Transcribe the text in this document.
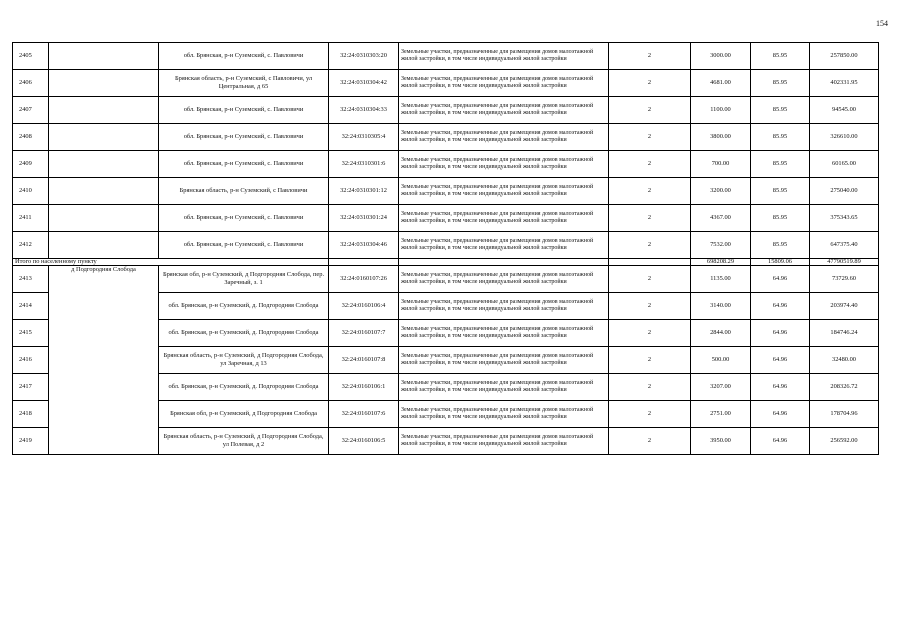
154
2405		обл. Брянская, р-н Суземский, с. Павловичи	32:24:0310303:20	Земельные участки, предназначенные для размещения домов малоэтажной жилой застройки, в том числе индивидуальной жилой застройки	2	3000.00	85.95	257850.00
2406		Брянская область, р-н Суземский, с Павловичи, ул Центральная, д 65	32:24:0310304:42	Земельные участки, предназначенные для размещения домов малоэтажной жилой застройки, в том числе индивидуальной жилой застройки	2	4681.00	85.95	402331.95
2407		обл. Брянская, р-н Суземский, с. Павловичи	32:24:0310304:33	Земельные участки, предназначенные для размещения домов малоэтажной жилой застройки, в том числе индивидуальной жилой застройки	2	1100.00	85.95	94545.00
2408		обл. Брянская, р-н Суземский, с. Павловичи	32:24:0310305:4	Земельные участки, предназначенные для размещения домов малоэтажной жилой застройки, в том числе индивидуальной жилой застройки	2	3800.00	85.95	326610.00
2409		обл. Брянская, р-н Суземский, с. Павловичи	32:24:0310301:6	Земельные участки, предназначенные для размещения домов малоэтажной жилой застройки, в том числе индивидуальной жилой застройки	2	700.00	85.95	60165.00
2410		Брянская область, р-н Суземский, с Павловичи	32:24:0310301:12	Земельные участки, предназначенные для размещения домов малоэтажной жилой застройки, в том числе индивидуальной жилой застройки	2	3200.00	85.95	275040.00
2411		обл. Брянская, р-н Суземский, с. Павловичи	32:24:0310301:24	Земельные участки, предназначенные для размещения домов малоэтажной жилой застройки, в том числе индивидуальной жилой застройки	2	4367.00	85.95	375343.65
2412		обл. Брянская, р-н Суземский, с. Павловичи	32:24:0310304:46	Земельные участки, предназначенные для размещения домов малоэтажной жилой застройки, в том числе индивидуальной жилой застройки	2	7532.00	85.95	647375.40
Итого по населенному пункту						698208.29	15809.06	47790519.89
2413	д Подгородняя Слобода	Брянская обл, р-н Суземский, д Подгородняя Слобода, пер. Заречный, з. 1	32:24:0160107:26	Земельные участки, предназначенные для размещения домов малоэтажной жилой застройки, в том числе индивидуальной жилой застройки	2	1135.00	64.96	73729.60
2414		обл. Брянская, р-н Суземский, д. Подгородняя Слобода	32:24:0160106:4	Земельные участки, предназначенные для размещения домов малоэтажной жилой застройки, в том числе индивидуальной жилой застройки	2	3140.00	64.96	203974.40
2415		обл. Брянская, р-н Суземский, д. Подгородняя Слобода	32:24:0160107:7	Земельные участки, предназначенные для размещения домов малоэтажной жилой застройки, в том числе индивидуальной жилой застройки	2	2844.00	64.96	184746.24
2416		Брянская область, р-н Суземский, д Подгородняя Слобода, ул Заречная, д 13	32:24:0160107:8	Земельные участки, предназначенные для размещения домов малоэтажной жилой застройки, в том числе индивидуальной жилой застройки	2	500.00	64.96	32480.00
2417		обл. Брянская, р-н Суземский, д. Подгородняя Слобода	32:24:0160106:1	Земельные участки, предназначенные для размещения домов малоэтажной жилой застройки, в том числе индивидуальной жилой застройки	2	3207.00	64.96	208326.72
2418		Брянская обл, р-н Суземский, д Подгородняя Слобода	32:24:0160107:6	Земельные участки, предназначенные для размещения домов малоэтажной жилой застройки, в том числе индивидуальной жилой застройки	2	2751.00	64.96	178704.96
2419		Брянская область, р-н Суземский, д Подгородняя Слобода, ул Полевая, д 2	32:24:0160106:5	Земельные участки, предназначенные для размещения домов малоэтажной жилой застройки, в том числе индивидуальной жилой застройки	2	3950.00	64.96	256592.00
